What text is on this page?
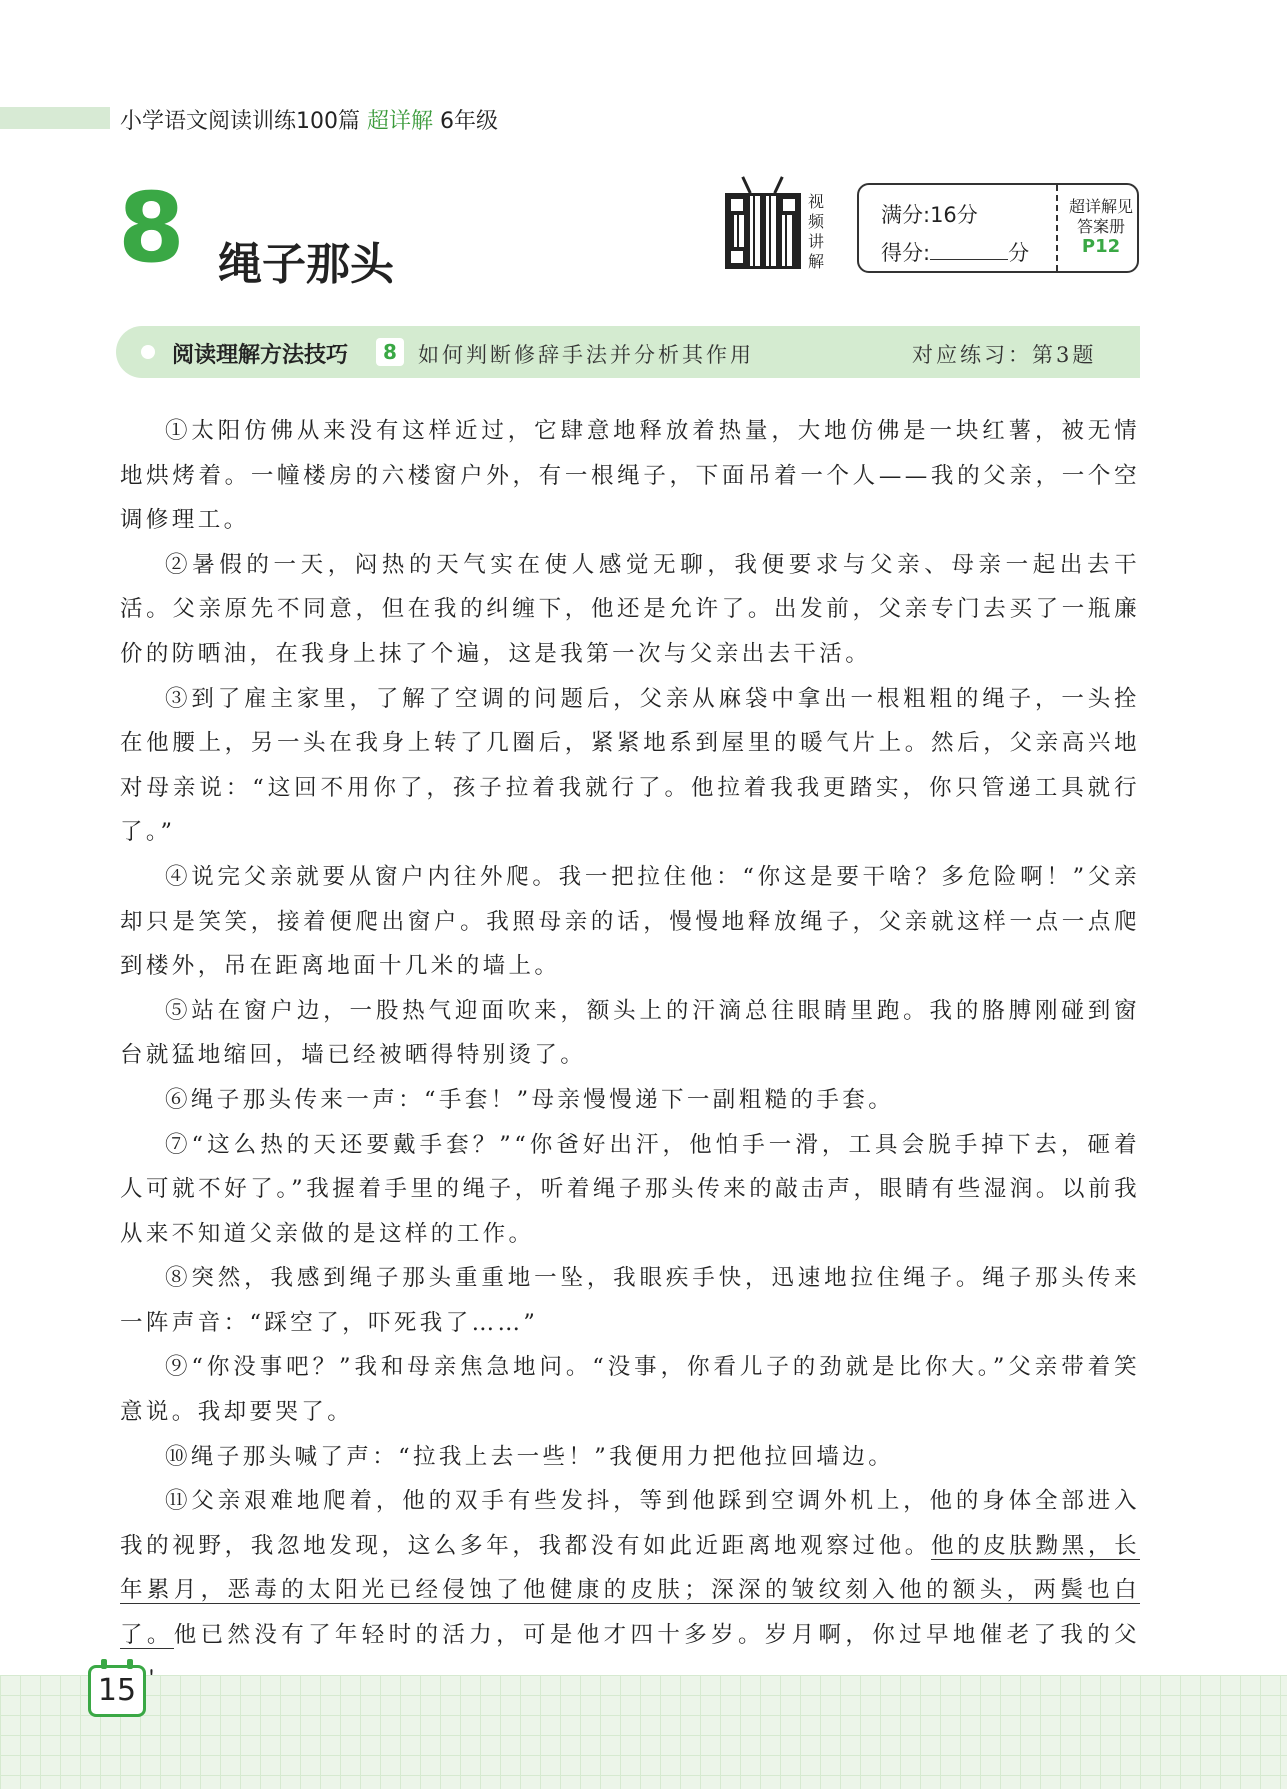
小学语文阅读训练100篇 超详解 6年级
8 绳子那头
视
频
讲
解
满分:16分
得分:	分
超详解见
答案册
P12
阅读理解方法技巧	8	如何判断修辞手法并分析其作用	对应练习：第3题

①太阳仿佛从来没有这样近过，它肆意地释放着热量，大地仿佛是一块红薯，被无情地烘烤着。一幢楼房的六楼窗户外，有一根绳子，下面吊着一个人——我的父亲，一个空调修理工。

②暑假的一天，闷热的天气实在使人感觉无聊，我便要求与父亲、母亲一起出去干活。父亲原先不同意，但在我的纠缠下，他还是允许了。出发前，父亲专门去买了一瓶廉价的防晒油，在我身上抹了个遍，这是我第一次与父亲出去干活。

③到了雇主家里，了解了空调的问题后，父亲从麻袋中拿出一根粗粗的绳子，一头拴在他腰上，另一头在我身上转了几圈后，紧紧地系到屋里的暖气片上。然后，父亲高兴地对母亲说：“这回不用你了，孩子拉着我就行了。他拉着我我更踏实，你只管递工具就行了。”

④说完父亲就要从窗户内往外爬。我一把拉住他：“你这是要干啥？多危险啊！”父亲却只是笑笑，接着便爬出窗户。我照母亲的话，慢慢地释放绳子，父亲就这样一点一点爬到楼外，吊在距离地面十几米的墙上。

⑤站在窗户边，一股热气迎面吹来，额头上的汗滴总往眼睛里跑。我的胳膊刚碰到窗台就猛地缩回，墙已经被晒得特别烫了。

⑥绳子那头传来一声：“手套！”母亲慢慢递下一副粗糙的手套。

⑦“这么热的天还要戴手套？”“你爸好出汗，他怕手一滑，工具会脱手掉下去，砸着人可就不好了。”我握着手里的绳子，听着绳子那头传来的敲击声，眼睛有些湿润。以前我从来不知道父亲做的是这样的工作。

⑧突然，我感到绳子那头重重地一坠，我眼疾手快，迅速地拉住绳子。绳子那头传来一阵声音：“踩空了，吓死我了……”

⑨“你没事吧？”我和母亲焦急地问。“没事，你看儿子的劲就是比你大。”父亲带着笑意说。我却要哭了。

⑩绳子那头喊了声：“拉我上去一些！”我便用力把他拉回墙边。

⑪父亲艰难地爬着，他的双手有些发抖，等到他踩到空调外机上，他的身体全部进入我的视野，我忽地发现，这么多年，我都没有如此近距离地观察过他。他的皮肤黝黑，长年累月，恶毒的太阳光已经侵蚀了他健康的皮肤；深深的皱纹刻入他的额头，两鬓也白了。他已然没有了年轻时的活力，可是他才四十多岁。岁月啊，你过早地催老了我的父

15
